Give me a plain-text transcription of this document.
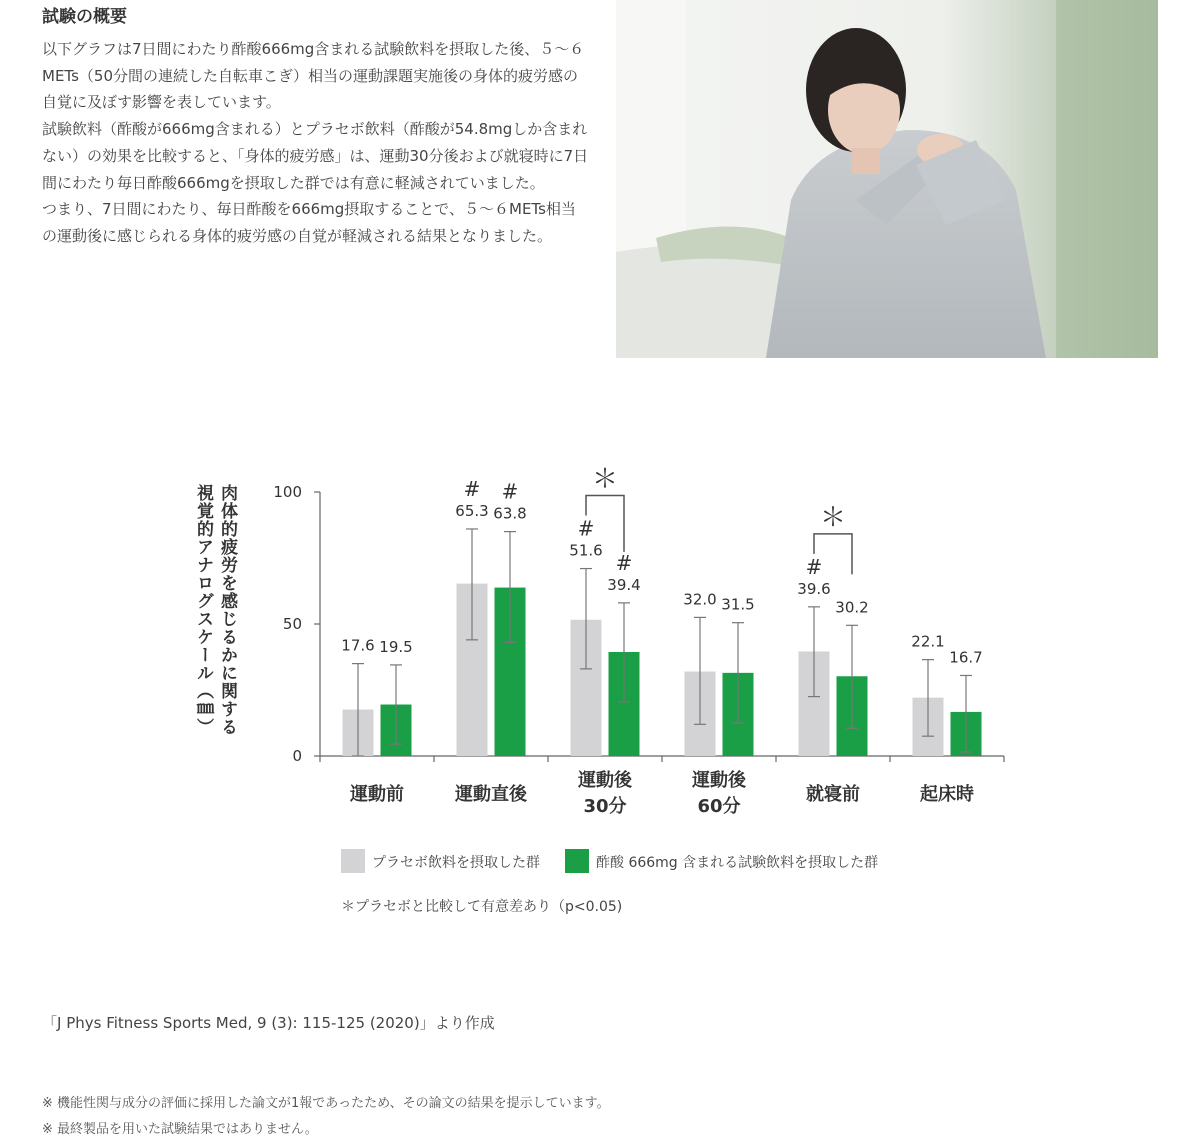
試験の概要

以下グラフは7日間にわたり酢酸666mg含まれる試験飲料を摂取した後、５～６METs（50分間の連続した自転車こぎ）相当の運動課題実施後の身体的疲労感の自覚に及ぼす影響を表しています。

試験飲料（酢酸が666mg含まれる）とプラセボ飲料（酢酸が54.8mgしか含まれない）の効果を比較すると、「身体的疲労感」は、運動30分後および就寝時に7日間にわたり毎日酢酸666mgを摂取した群では有意に軽減されていました。

つまり、7日間にわたり、毎日酢酸を666mg摂取することで、５～６METs相当の運動後に感じられる身体的疲労感の自覚が軽減される結果となりました。

肉体的疲労を感じるかに関する

視覚的アナログスケール（㎜）

0
50
100
運動前	運動直後
運動後
30分
運動後
60分
就寝前	起床時
17.6
65.3
#
51.6
#
32.0
39.6
#
22.1
19.5
63.8
#
39.4
#
31.5	30.2
16.7
＊
＊
プラセボ飲料を摂取した群	酢酸 666mg 含まれる試験飲料を摂取した群

＊プラセボと比較して有意差あり（p<0.05)

「J Phys Fitness Sports Med, 9 (3): 115-125 (2020)」より作成

※ 機能性関与成分の評価に採用した論文が1報であったため、その論文の結果を提示しています。

※ 最終製品を用いた試験結果ではありません。
